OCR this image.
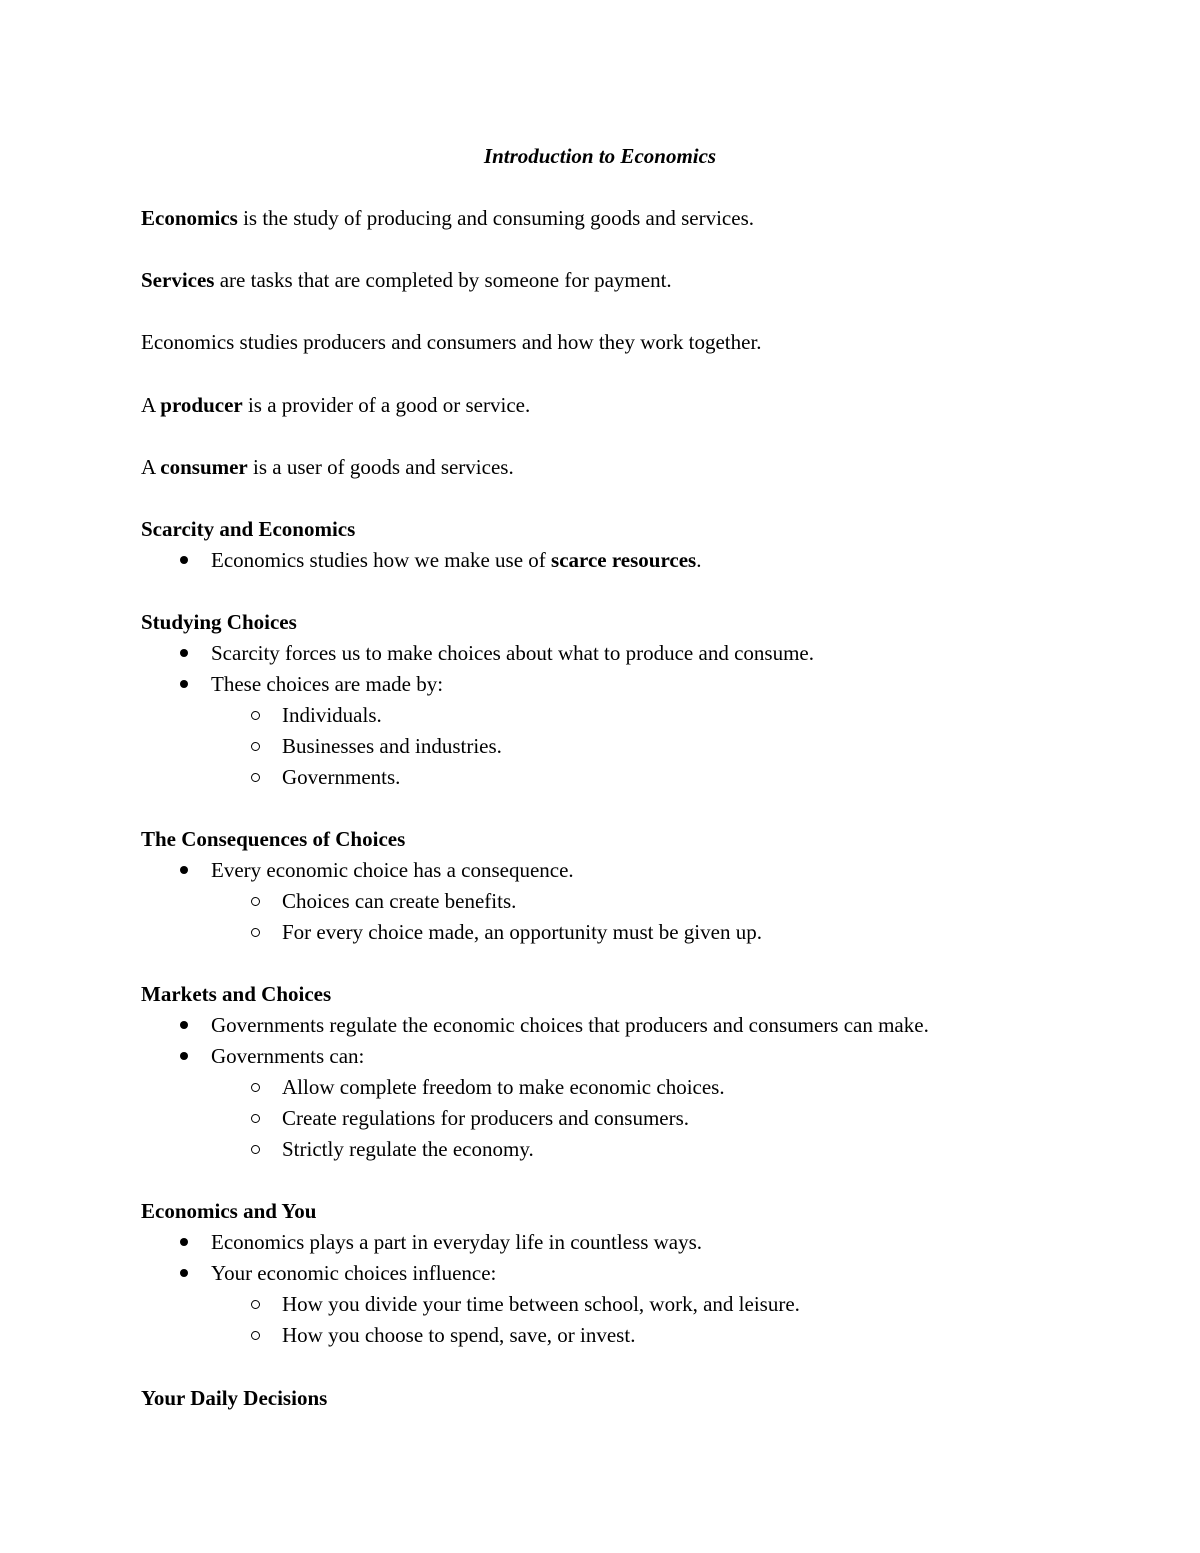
Introduction to Economics
Economics is the study of producing and consuming goods and services.
Services are tasks that are completed by someone for payment.
Economics studies producers and consumers and how they work together.
A producer is a provider of a good or service.
A consumer is a user of goods and services.
Scarcity and Economics
Economics studies how we make use of scarce resources.
Studying Choices
Scarcity forces us to make choices about what to produce and consume.
These choices are made by:
Individuals.
Businesses and industries.
Governments.
The Consequences of Choices
Every economic choice has a consequence.
Choices can create benefits.
For every choice made, an opportunity must be given up.
Markets and Choices
Governments regulate the economic choices that producers and consumers can make.
Governments can:
Allow complete freedom to make economic choices.
Create regulations for producers and consumers.
Strictly regulate the economy.
Economics and You
Economics plays a part in everyday life in countless ways.
Your economic choices influence:
How you divide your time between school, work, and leisure.
How you choose to spend, save, or invest.
Your Daily Decisions
